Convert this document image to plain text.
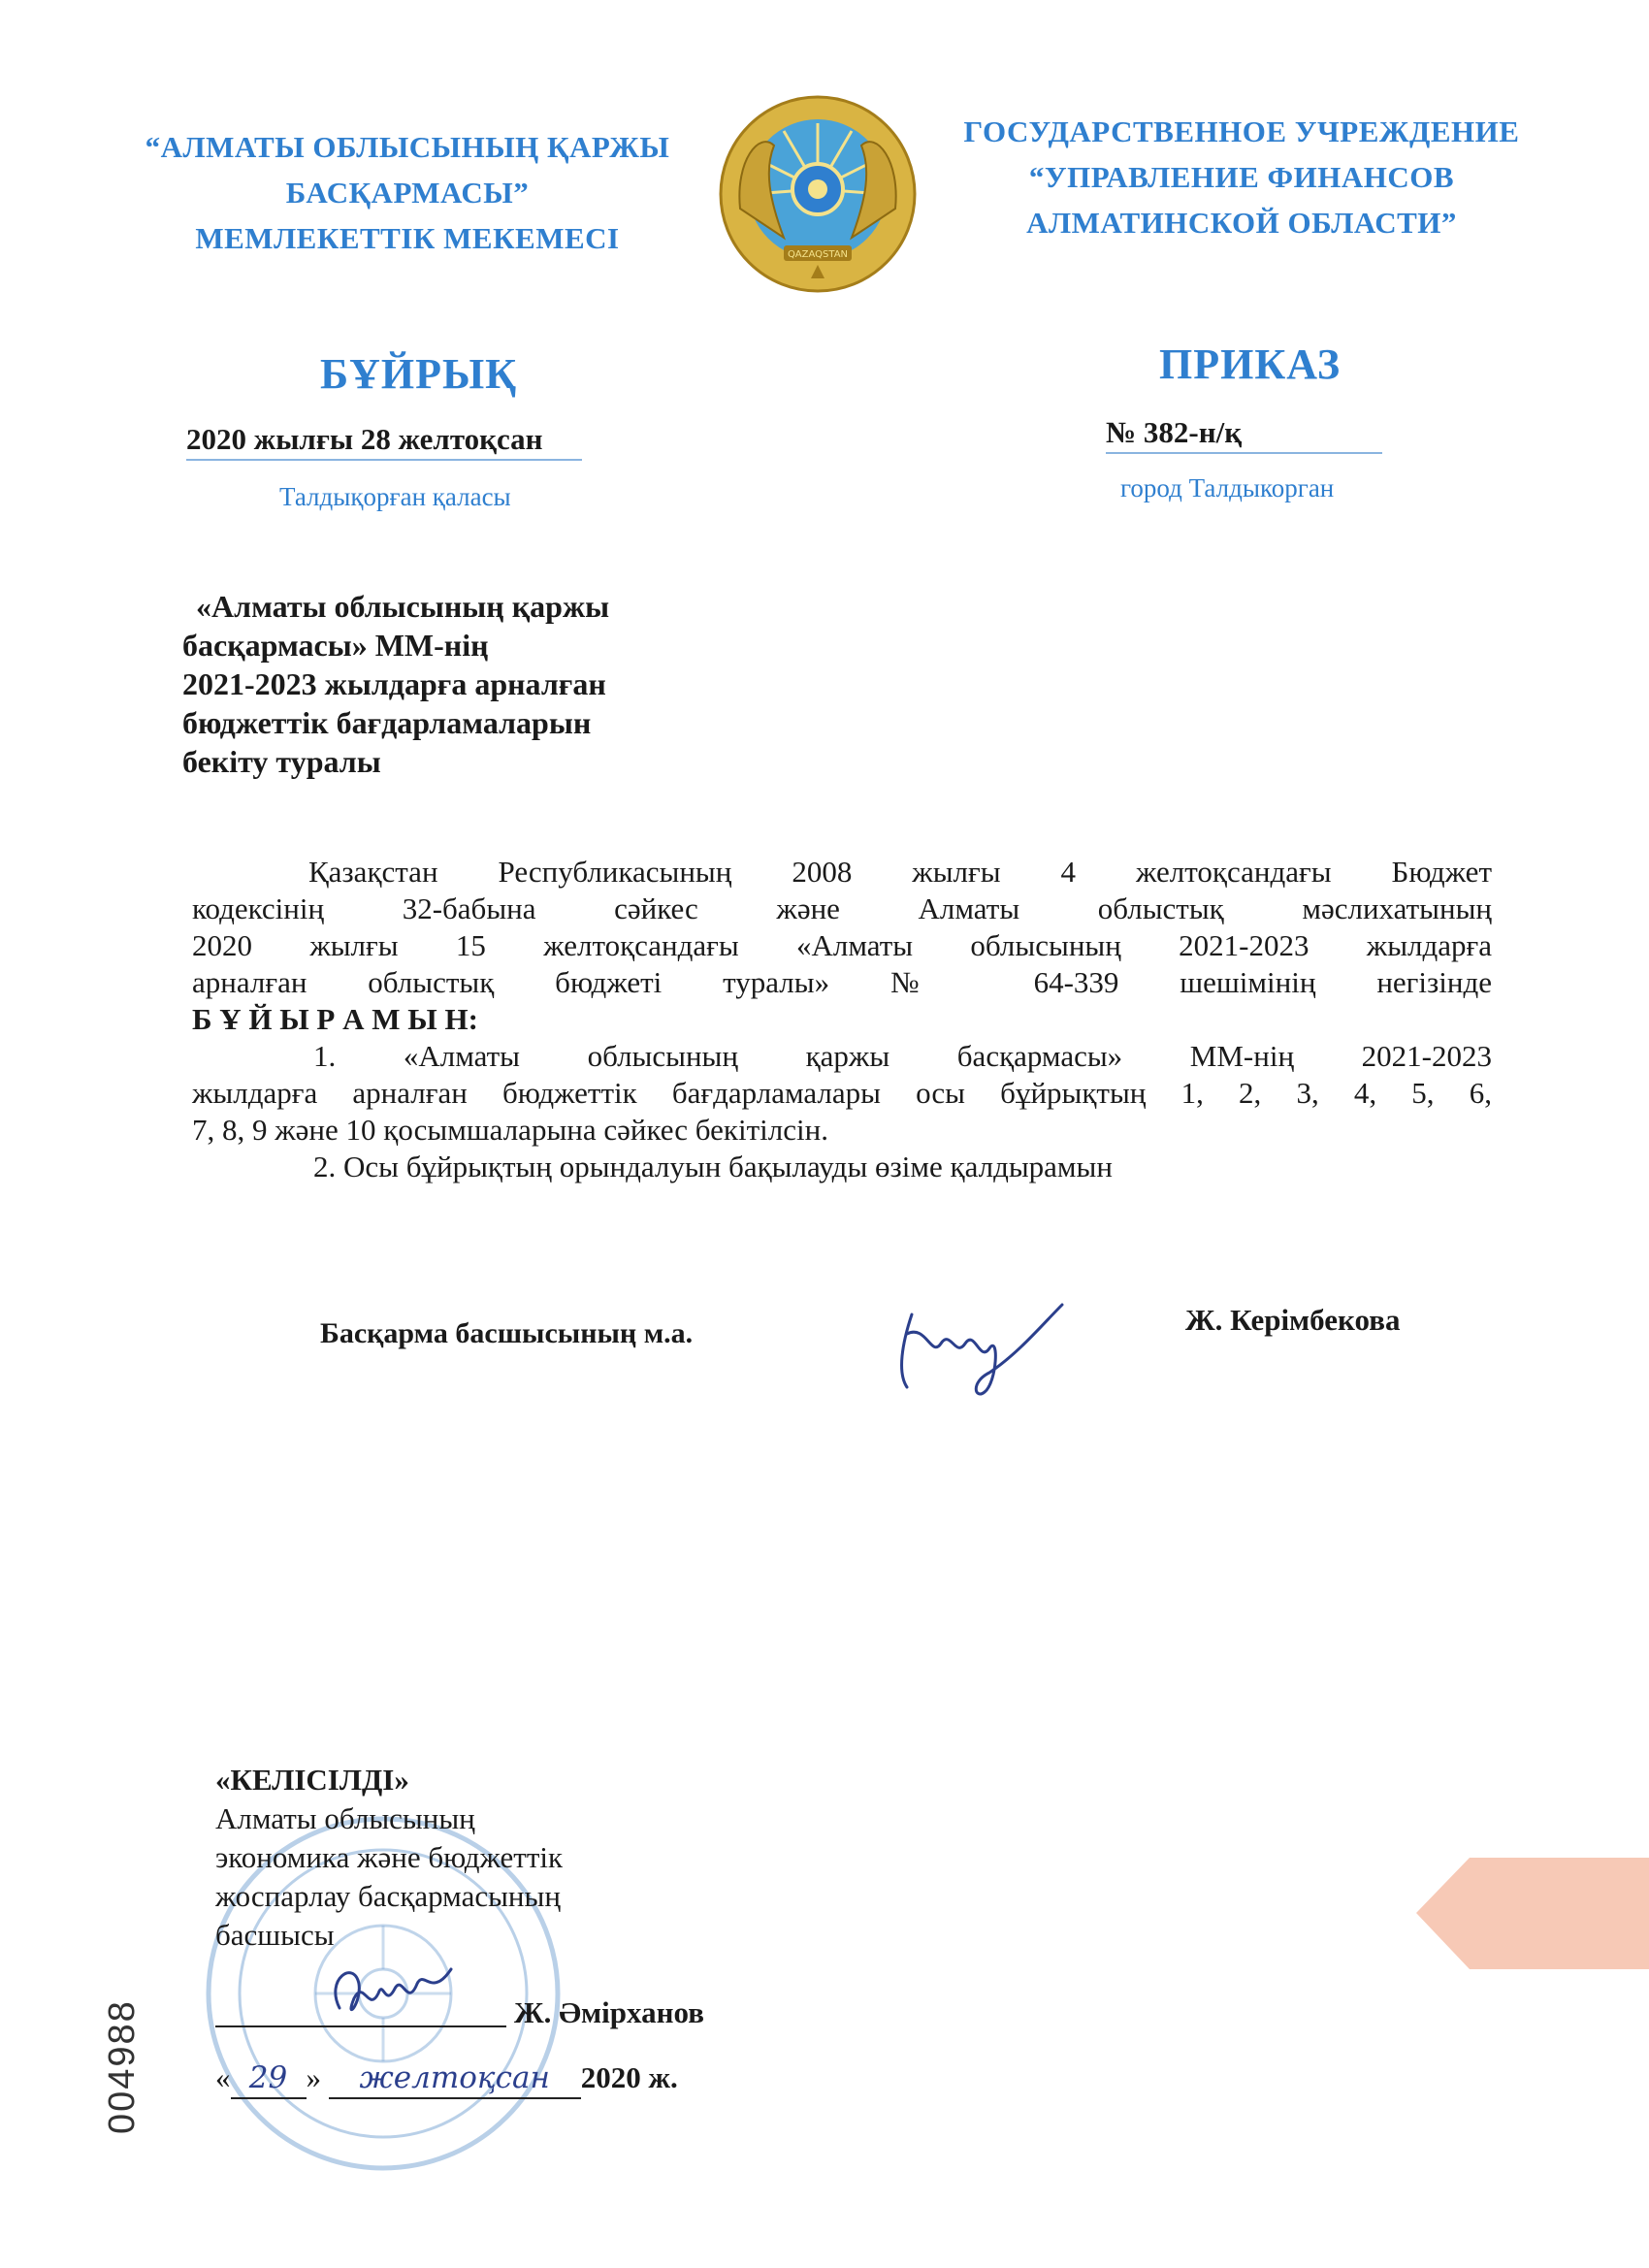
“АЛМАТЫ ОБЛЫСЫНЫҢ ҚАРЖЫ
БАСҚАРМАСЫ”
МЕМЛЕКЕТТІК МЕКЕМЕСІ	QAZAQSTAN
ГОСУДАРСТВЕННОЕ УЧРЕЖДЕНИЕ
“УПРАВЛЕНИЕ ФИНАНСОВ
АЛМАТИНСКОЙ ОБЛАСТИ”
БҰЙРЫҚ	ПРИКАЗ
2020 жылғы 28 желтоқсан	№ 382-н/қ
Талдықорған қаласы	город Талдыкорган
«Алматы облысының қаржы
басқармасы» ММ-нің
2021-2023 жылдарға арналған
бюджеттік бағдарламаларын
бекіту туралы
Қазақстан Республикасының 2008 жылғы 4 желтоқсандағы Бюджет
кодексінің 32-бабына сәйкес және Алматы облыстық мәслихатының
2020 жылғы 15 желтоқсандағы «Алматы облысының 2021-2023 жылдарға
арналған облыстық бюджеті туралы» № 64-339 шешімінің негізінде
Б Ұ Й Ы Р А М Ы Н:
1. «Алматы облысының қаржы басқармасы» ММ-нің 2021-2023
жылдарға арналған бюджеттік бағдарламалары осы бұйрықтың 1, 2, 3, 4, 5, 6,
7, 8, 9 және 10 қосымшаларына сәйкес бекітілсін.
2. Осы бұйрықтың орындалуын бақылауды өзіме қалдырамын
Басқарма басшысының м.а.	Ж. Керімбекова
«КЕЛІСІЛДІ»
Алматы облысының
экономика және бюджеттік
жоспарлау басқармасының
басшысы
Ж. Әмірханов
« 29 » желтоқсан 2020 ж.
004988
